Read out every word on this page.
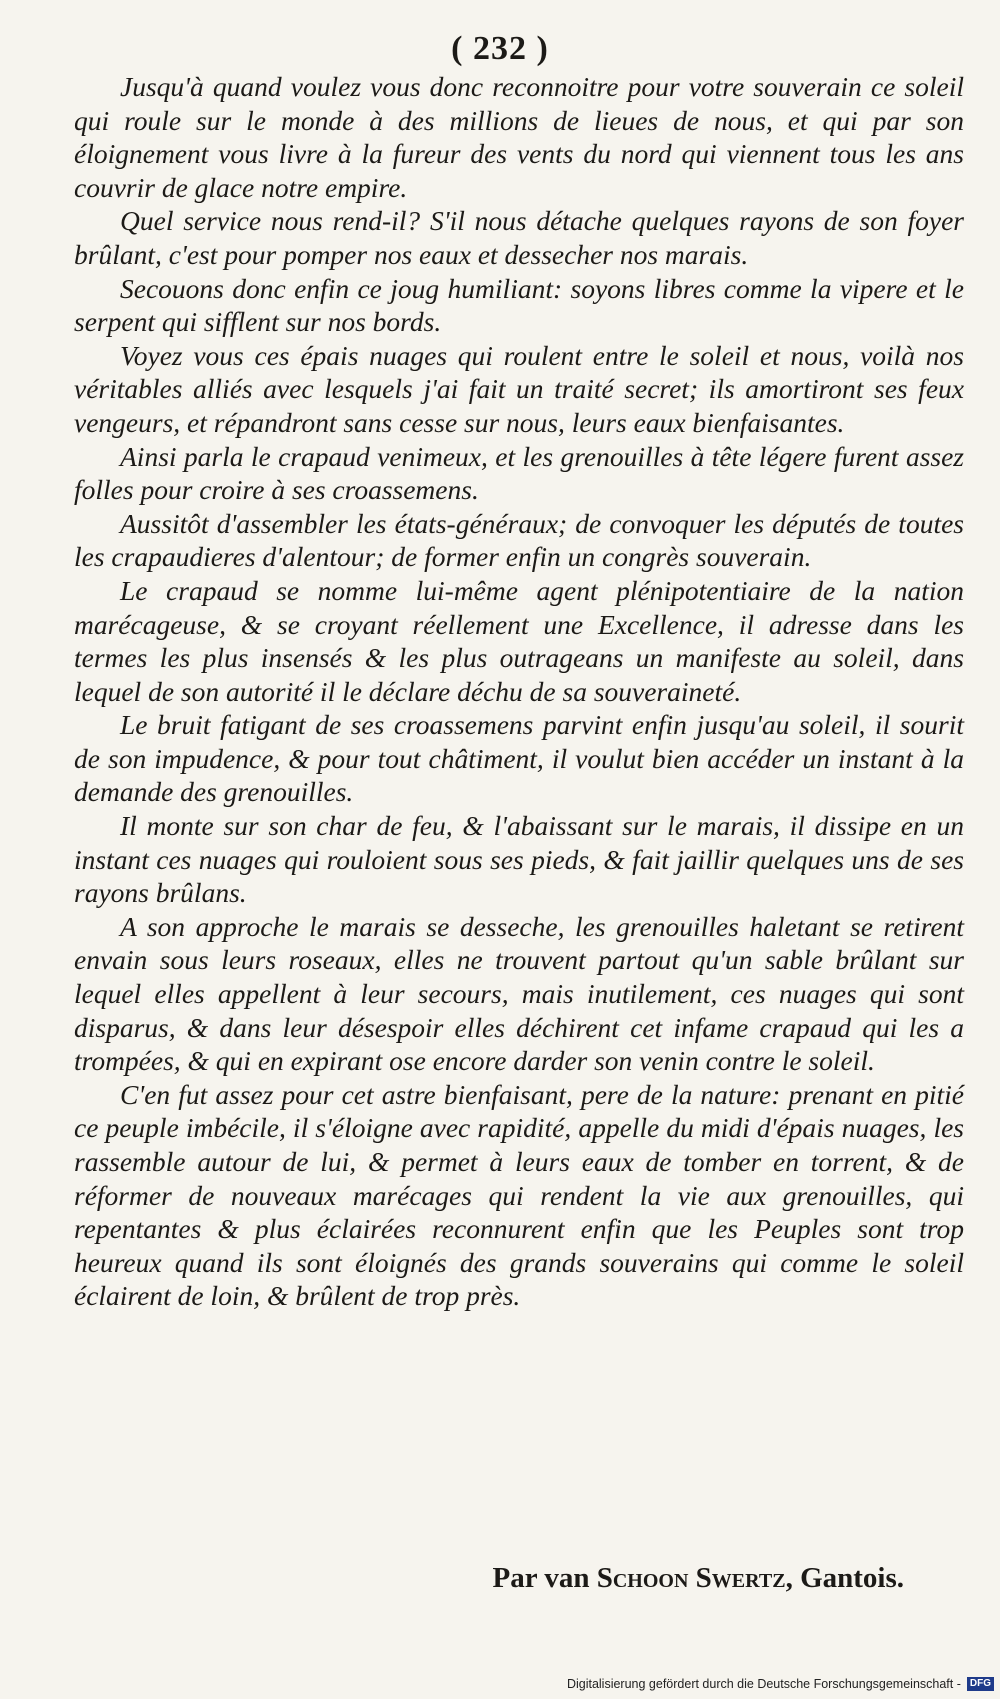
( 232 )

Jusqu'à quand voulez vous donc reconnoitre pour votre souverain ce soleil qui roule sur le monde à des millions de lieues de nous, et qui par son éloignement vous livre à la fureur des vents du nord qui viennent tous les ans couvrir de glace notre empire.

Quel service nous rend-il? S'il nous détache quelques rayons de son foyer brûlant, c'est pour pomper nos eaux et dessecher nos marais.

Secouons donc enfin ce joug humiliant: soyons libres comme la vipere et le serpent qui sifflent sur nos bords.

Voyez vous ces épais nuages qui roulent entre le soleil et nous, voilà nos véritables alliés avec lesquels j'ai fait un traité secret; ils amortiront ses feux vengeurs, et répandront sans cesse sur nous, leurs eaux bienfaisantes.

Ainsi parla le crapaud venimeux, et les grenouilles à tête légere furent assez folles pour croire à ses croassemens.

Aussitôt d'assembler les états-généraux; de convoquer les députés de toutes les crapaudieres d'alentour; de former enfin un congrès souverain.

Le crapaud se nomme lui-même agent plénipotentiaire de la nation marécageuse, & se croyant réellement une Excellence, il adresse dans les termes les plus insensés & les plus outrageans un manifeste au soleil, dans lequel de son autorité il le déclare déchu de sa souveraineté.

Le bruit fatigant de ses croassemens parvint enfin jusqu'au soleil, il sourit de son impudence, & pour tout châtiment, il voulut bien accéder un instant à la demande des grenouilles.

Il monte sur son char de feu, & l'abaissant sur le marais, il dissipe en un instant ces nuages qui rouloient sous ses pieds, & fait jaillir quelques uns de ses rayons brûlans.

A son approche le marais se desseche, les grenouilles haletant se retirent envain sous leurs roseaux, elles ne trouvent partout qu'un sable brûlant sur lequel elles appellent à leur secours, mais inutilement, ces nuages qui sont disparus, & dans leur désespoir elles déchirent cet infame crapaud qui les a trompées, & qui en expirant ose encore darder son venin contre le soleil.

C'en fut assez pour cet astre bienfaisant, pere de la nature: prenant en pitié ce peuple imbécile, il s'éloigne avec rapidité, appelle du midi d'épais nuages, les rassemble autour de lui, & permet à leurs eaux de tomber en torrent, & de réformer de nouveaux marécages qui rendent la vie aux grenouilles, qui repentantes & plus éclairées reconnurent enfin que les Peuples sont trop heureux quand ils sont éloignés des grands souverains qui comme le soleil éclairent de loin, & brûlent de trop près.

Par van Schoon Swertz, Gantois.
Digitalisierung gefördert durch die Deutsche Forschungsgemeinschaft - DFG
